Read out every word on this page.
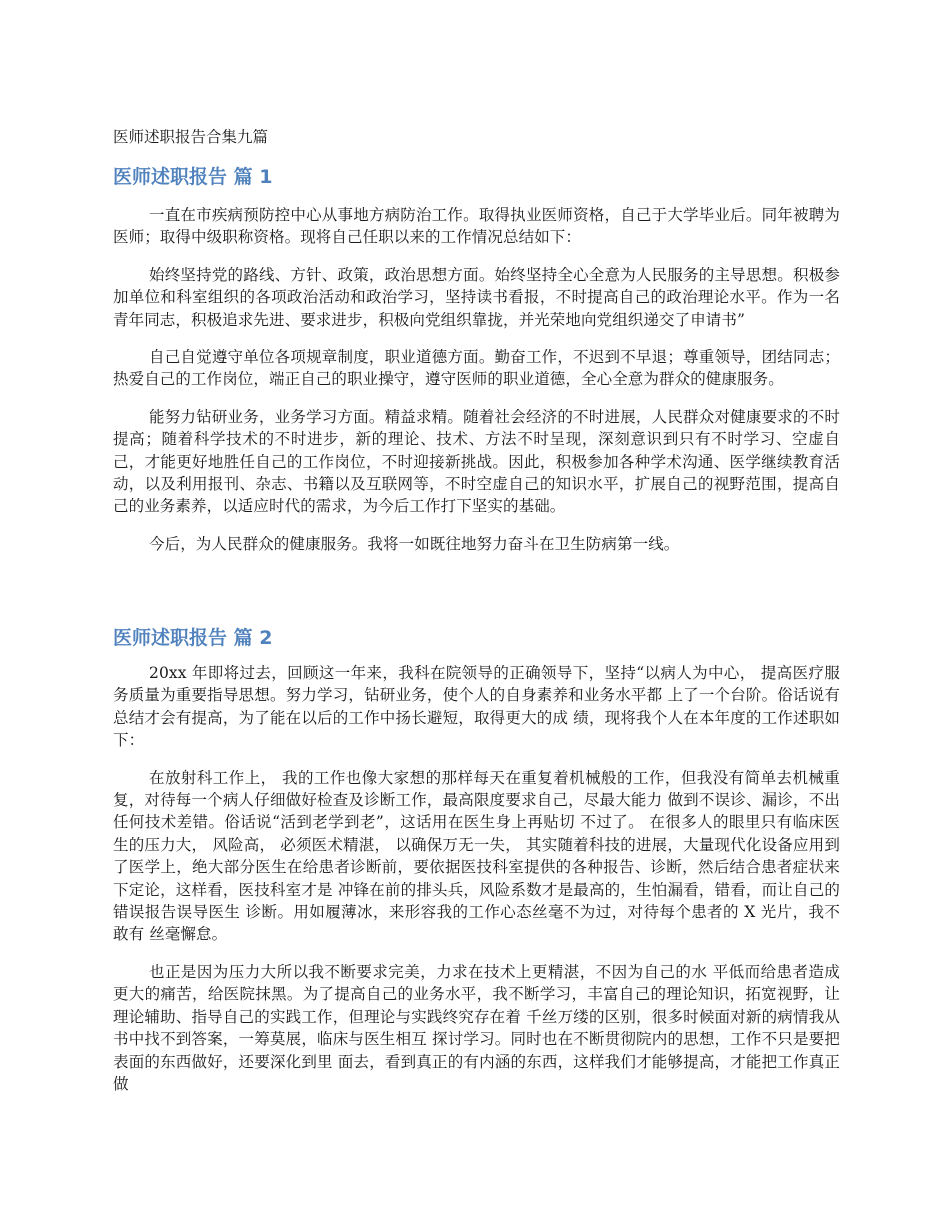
医师述职报告合集九篇

医师述职报告 篇 1

一直在市疾病预防控中心从事地方病防治工作。取得执业医师资格，自己于大学毕业后。同年被聘为医师；取得中级职称资格。现将自己任职以来的工作情况总结如下：

始终坚持党的路线、方针、政策，政治思想方面。始终坚持全心全意为人民服务的主导思想。积极参加单位和科室组织的各项政治活动和政治学习，坚持读书看报，不时提高自己的政治理论水平。作为一名青年同志，积极追求先进、要求进步，积极向党组织靠拢，并光荣地向党组织递交了申请书”

自己自觉遵守单位各项规章制度，职业道德方面。勤奋工作，不迟到不早退；尊重领导，团结同志；热爱自己的工作岗位，端正自己的职业操守，遵守医师的职业道德，全心全意为群众的健康服务。

能努力钻研业务，业务学习方面。精益求精。随着社会经济的不时进展，人民群众对健康要求的不时提高；随着科学技术的不时进步，新的理论、技术、方法不时呈现，深刻意识到只有不时学习、空虚自己，才能更好地胜任自己的工作岗位，不时迎接新挑战。因此，积极参加各种学术沟通、医学继续教育活动，以及利用报刊、杂志、书籍以及互联网等，不时空虚自己的知识水平，扩展自己的视野范围，提高自己的业务素养，以适应时代的需求，为今后工作打下坚实的基础。

今后，为人民群众的健康服务。我将一如既往地努力奋斗在卫生防病第一线。

医师述职报告 篇 2

20xx 年即将过去，回顾这一年来，我科在院领导的正确领导下，坚持“以病人为中心， 提高医疗服务质量为重要指导思想。努力学习，钻研业务，使个人的自身素养和业务水平都 上了一个台阶。俗话说有总结才会有提高，为了能在以后的工作中扬长避短，取得更大的成 绩，现将我个人在本年度的工作述职如下：

在放射科工作上， 我的工作也像大家想的那样每天在重复着机械般的工作，但我没有简单去机械重复，对待每一个病人仔细做好检查及诊断工作，最高限度要求自己，尽最大能力 做到不误诊、漏诊，不出任何技术差错。俗话说“活到老学到老”，这话用在医生身上再贴切 不过了。 在很多人的眼里只有临床医生的压力大， 风险高， 必须医术精湛， 以确保万无一失， 其实随着科技的进展，大量现代化设备应用到了医学上，绝大部分医生在给患者诊断前，要依据医技科室提供的各种报告、诊断，然后结合患者症状来下定论，这样看，医技科室才是 冲锋在前的排头兵，风险系数才是最高的，生怕漏看，错看，而让自己的错误报告误导医生 诊断。用如履薄冰，来形容我的工作心态丝毫不为过，对待每个患者的 X 光片，我不敢有 丝毫懈怠。

也正是因为压力大所以我不断要求完美，力求在技术上更精湛，不因为自己的水 平低而给患者造成更大的痛苦，给医院抹黑。为了提高自己的业务水平，我不断学习，丰富自己的理论知识，拓宽视野，让理论辅助、指导自己的实践工作，但理论与实践终究存在着 千丝万缕的区别，很多时候面对新的病情我从书中找不到答案，一筹莫展，临床与医生相互 探讨学习。同时也在不断贯彻院内的思想，工作不只是要把表面的东西做好，还要深化到里 面去，看到真正的有内涵的东西，这样我们才能够提高，才能把工作真正做
